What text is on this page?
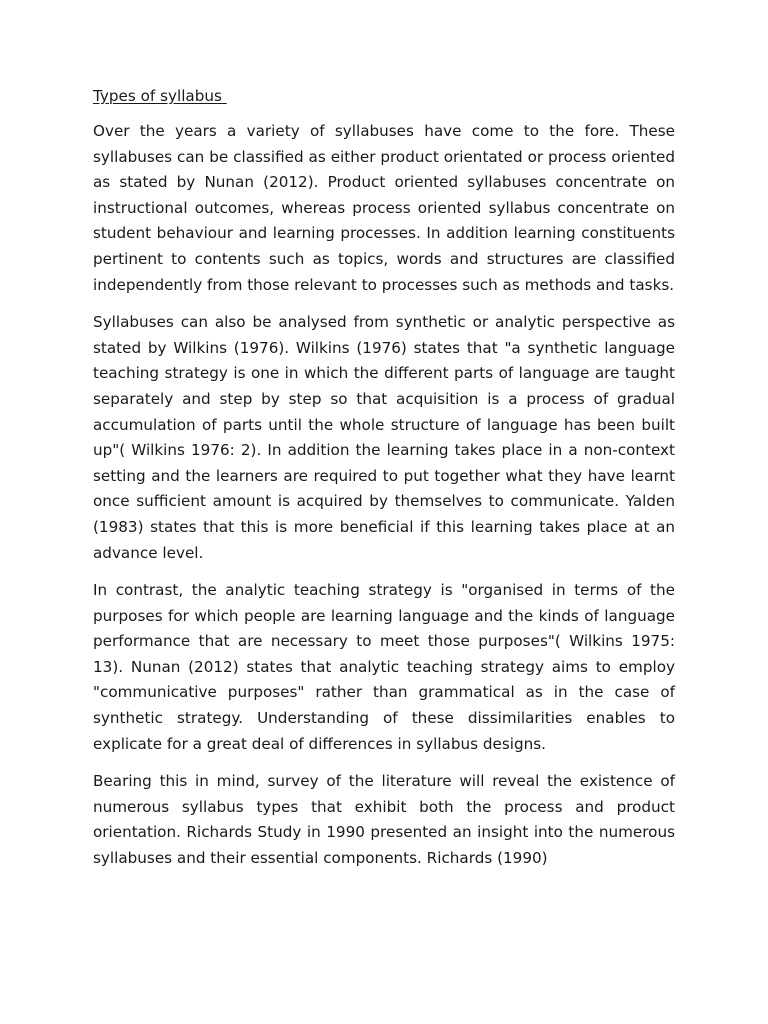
Types of syllabus

Over the years a variety of syllabuses have come to the fore. These syllabuses can be classified as either product orientated or process oriented as stated by Nunan (2012). Product oriented syllabuses concentrate on instructional outcomes, whereas process oriented syllabus concentrate on student behaviour and learning processes. In addition learning constituents pertinent to contents such as topics, words and structures are classified independently from those relevant to processes such as methods and tasks.

Syllabuses can also be analysed from synthetic or analytic perspective as stated by Wilkins (1976). Wilkins (1976) states that "a synthetic language teaching strategy is one in which the different parts of language are taught separately and step by step so that acquisition is a process of gradual accumulation of parts until the whole structure of language has been built up"( Wilkins 1976: 2). In addition the learning takes place in a non-context setting and the learners are required to put together what they have learnt once sufficient amount is acquired by themselves to communicate. Yalden (1983) states that this is more beneficial if this learning takes place at an advance level.

In contrast, the analytic teaching strategy is "organised in terms of the purposes for which people are learning language and the kinds of language performance that are necessary to meet those purposes"( Wilkins 1975: 13). Nunan (2012) states that analytic teaching strategy aims to employ "communicative purposes" rather than grammatical as in the case of synthetic strategy. Understanding of these dissimilarities enables to explicate for a great deal of differences in syllabus designs.

Bearing this in mind, survey of the literature will reveal the existence of numerous syllabus types that exhibit both the process and product orientation. Richards Study in 1990 presented an insight into the numerous syllabuses and their essential components. Richards (1990)
